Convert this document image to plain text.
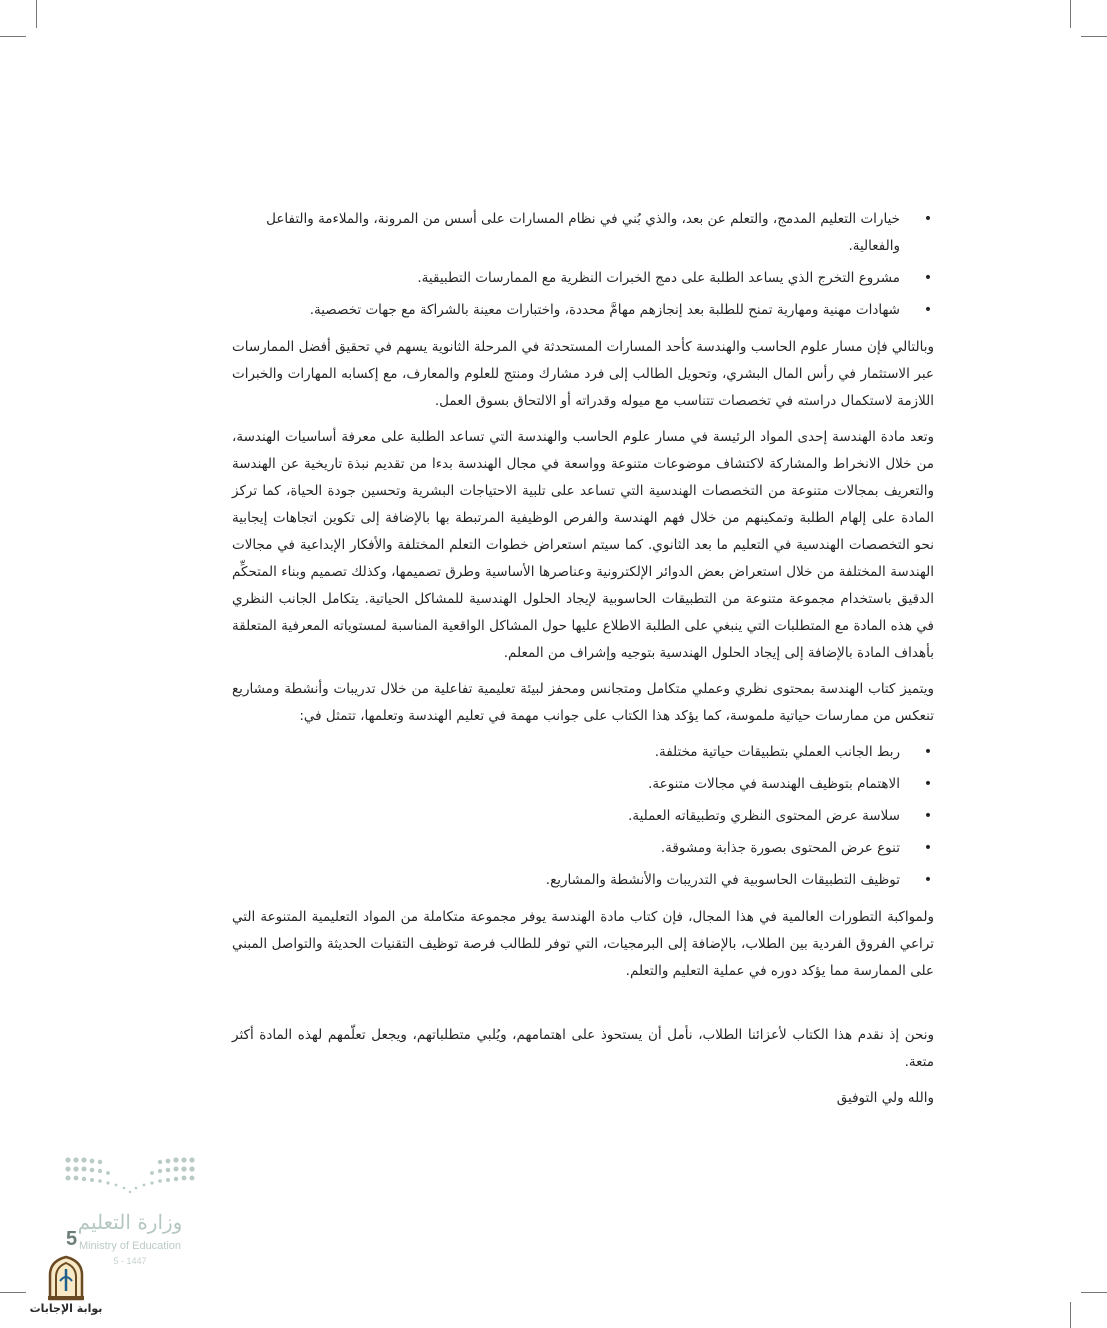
•
خيارات التعليم المدمج، والتعلم عن بعد، والذي بُني في نظام المسارات على أسس من المرونة، والملاءمة والتفاعل والفعالية.
•
مشروع التخرج الذي يساعد الطلبة على دمج الخبرات النظرية مع الممارسات التطبيقية.
•
شهادات مهنية ومهارية تمنح للطلبة بعد إنجازهم مهامَّ محددة، واختبارات معينة بالشراكة مع جهات تخصصية.

وبالتالي فإن مسار علوم الحاسب والهندسة كأحد المسارات المستحدثة في المرحلة الثانوية يسهم في تحقيق أفضل الممارسات عبر الاستثمار في رأس المال البشري، وتحويل الطالب إلى فرد مشارك ومنتج للعلوم والمعارف، مع إكسابه المهارات والخبرات اللازمة لاستكمال دراسته في تخصصات تتناسب مع ميوله وقدراته أو الالتحاق بسوق العمل.

وتعد مادة الهندسة إحدى المواد الرئيسة في مسار علوم الحاسب والهندسة التي تساعد الطلبة على معرفة أساسيات الهندسة، من خلال الانخراط والمشاركة لاكتشاف موضوعات متنوعة وواسعة في مجال الهندسة بدءا من تقديم نبذة تاريخية عن الهندسة والتعريف بمجالات متنوعة من التخصصات الهندسية التي تساعد على تلبية الاحتياجات البشرية وتحسين جودة الحياة، كما تركز المادة على إلهام الطلبة وتمكينهم من خلال فهم الهندسة والفرص الوظيفية المرتبطة بها بالإضافة إلى تكوين اتجاهات إيجابية نحو التخصصات الهندسية في التعليم ما بعد الثانوي. كما سيتم استعراض خطوات التعلم المختلفة والأفكار الإبداعية في مجالات الهندسة المختلفة من خلال استعراض بعض الدوائر الإلكترونية وعناصرها الأساسية وطرق تصميمها، وكذلك تصميم وبناء المتحكِّم الدقيق باستخدام مجموعة متنوعة من التطبيقات الحاسوبية لإيجاد الحلول الهندسية للمشاكل الحياتية. يتكامل الجانب النظري في هذه المادة مع المتطلبات التي ينبغي على الطلبة الاطلاع عليها حول المشاكل الواقعية المناسبة لمستوياته المعرفية المتعلقة بأهداف المادة بالإضافة إلى إيجاد الحلول الهندسية بتوجيه وإشراف من المعلم.

ويتميز كتاب الهندسة بمحتوى نظري وعملي متكامل ومتجانس ومحفز لبيئة تعليمية تفاعلية من خلال تدريبات وأنشطة ومشاريع تنعكس من ممارسات حياتية ملموسة، كما يؤكد هذا الكتاب على جوانب مهمة في تعليم الهندسة وتعلمها، تتمثل في:

•
ربط الجانب العملي بتطبيقات حياتية مختلفة.
•
الاهتمام بتوظيف الهندسة في مجالات متنوعة.
•
سلاسة عرض المحتوى النظري وتطبيقاته العملية.
•
تنوع عرض المحتوى بصورة جذابة ومشوقة.
•
توظيف التطبيقات الحاسوبية في التدريبات والأنشطة والمشاريع.

ولمواكبة التطورات العالمية في هذا المجال، فإن كتاب مادة الهندسة يوفر مجموعة متكاملة من المواد التعليمية المتنوعة التي تراعي الفروق الفردية بين الطلاب، بالإضافة إلى البرمجيات، التي توفر للطالب فرصة توظيف التقنيات الحديثة والتواصل المبني على الممارسة مما يؤكد دوره في عملية التعليم والتعلم.

ونحن إذ نقدم هذا الكتاب لأعزائنا الطلاب، نأمل أن يستحوذ على اهتمامهم، ويُلبي متطلباتهم، ويجعل تعلّمهم لهذه المادة أكثر متعة.

والله ولي التوفيق

وزارة التعليم
Ministry of Education
5 - 1447
5
بوابة الإجابات
